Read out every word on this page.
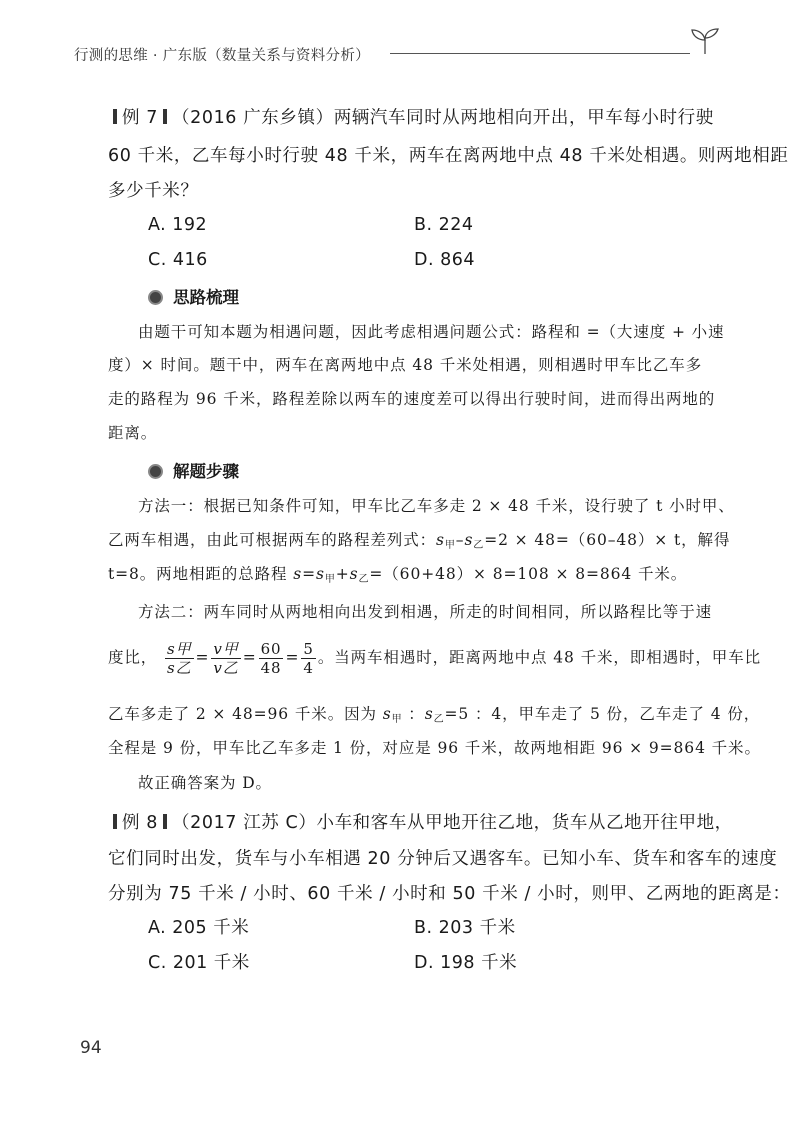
行测的思维 · 广东版（数量关系与资料分析）
例 7 （2016 广东乡镇）两辆汽车同时从两地相向开出，甲车每小时行驶
60 千米，乙车每小时行驶 48 千米，两车在离两地中点 48 千米处相遇。则两地相距
多少千米？
A. 192	B. 224
C. 416	D. 864
思路梳理
由题干可知本题为相遇问题，因此考虑相遇问题公式：路程和 =（大速度 + 小速
度）× 时间。题干中，两车在离两地中点 48 千米处相遇，则相遇时甲车比乙车多
走的路程为 96 千米，路程差除以两车的速度差可以得出行驶时间，进而得出两地的
距离。
解题步骤
方法一：根据已知条件可知，甲车比乙车多走 2 × 48 千米，设行驶了 t 小时甲、
乙两车相遇，由此可根据两车的路程差列式：$s_甲-s_乙=2 \times 48=(60-48)\times t$，解得
t=8。两地相距的总路程 $s=s_甲+s_乙=(60+48)\times 8=108 \times 8=864$ 千米。
方法二：两车同时从两地相向出发到相遇，所走的时间相同，所以路程比等于速
度比， $\frac{\text{s甲}}{\text{s乙}} = \frac{\text{v甲}}{\text{v乙}} = \frac{60}{48} = \frac{5}{4}$ 。当两车相遇时，距离两地中点 48 千米，即相遇时，甲车比
乙车多走了 2 × 48=96 千米。因为 $s_甲$ ：$s_乙=5$ ：4，甲车走了 5 份，乙车走了 4 份，
全程是 9 份，甲车比乙车多走 1 份，对应是 96 千米，故两地相距 96 × 9=864 千米。
故正确答案为 D。
例 8 （2017 江苏 C）小车和客车从甲地开往乙地，货车从乙地开往甲地，
它们同时出发，货车与小车相遇 20 分钟后又遇客车。已知小车、货车和客车的速度
分别为 75 千米 / 小时、60 千米 / 小时和 50 千米 / 小时，则甲、乙两地的距离是：
A. 205 千米	B. 203 千米
C. 201 千米	D. 198 千米
94
